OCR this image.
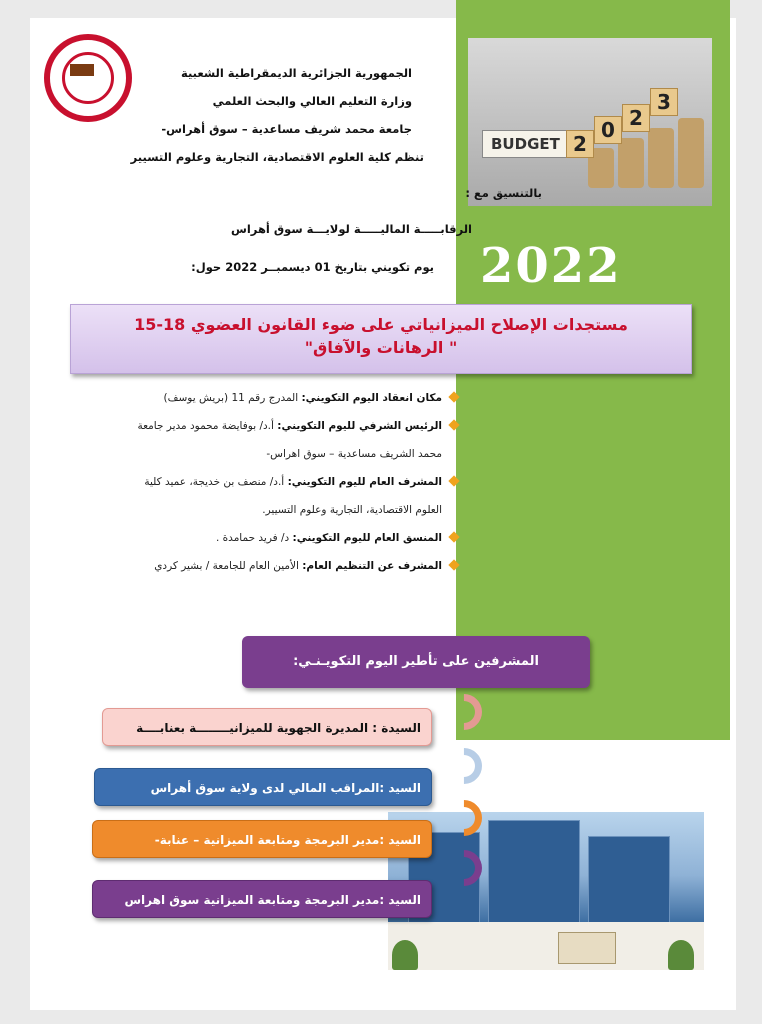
BUDGET 2
0 2
3
2022

الجمهورية الجزائرية الديمقراطية الشعبية

وزارة التعليم العالي والبحث العلمي

جامعة محمد شريف مساعدية – سوق أهراس-

تنظم كلية العلوم الاقتصادية، التجارية وعلوم التسيير

بالتنسيق مع :

الرقابـــــة الماليـــــة لولايـــة سوق أهراس

يوم تكويني بتاريخ 01 ديسمبــر 2022 حول:

مستجدات الإصلاح الميزانياتي على ضوء القانون العضوي 18-15
" الرهانات والآفاق"
مكان انعقاد اليوم التكويني: المدرج رقم 11 (بريش يوسف)
الرئيس الشرفي لليوم التكويني: أ.د/ بوفايضة محمود مدير جامعة
محمد الشريف مساعدية – سوق اهراس-
المشرف العام لليوم التكويني: أ.د/ منصف بن خديجة، عميد كلية
العلوم الاقتصادية، التجارية وعلوم التسيير.
المنسق العام لليوم التكويني: د/ فريد حمامدة .
المشرف عن التنظيم العام: الأمين العام للجامعة / بشير كردي
المشرفين على تأطير اليوم التكويـنـي:
السيدة : المديرة الجهوية للميزانيــــــــة بعنابــــة
السيد :المراقب المالي لدى ولاية سوق أهراس
السيد :مدير البرمجة ومتابعة الميزانية – عنابة-
السيد :مدير البرمجة ومتابعة الميزانية سوق اهراس
